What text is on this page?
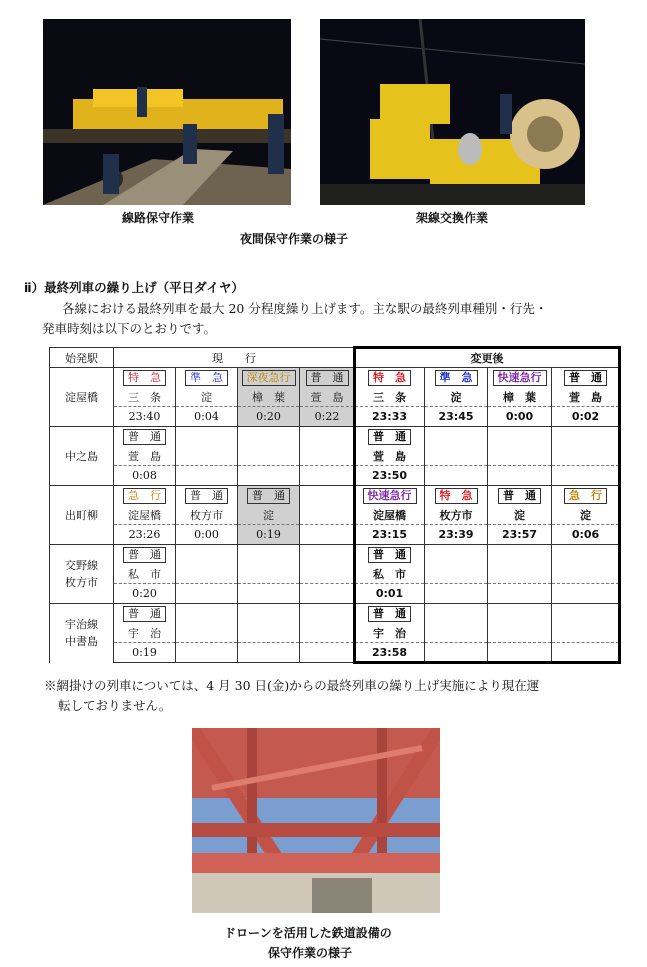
線路保守作業	架線交換作業
夜間保守作業の様子
ⅱ）最終列車の繰り上げ（平日ダイヤ）
各線における最終列車を最大 20 分程度繰り上げます。主な駅の最終列車種別・行先・
発車時刻は以下のとおりです。
始発駅	現　　行				変更後			
淀屋橋	特　急	準　急	深夜急行	普　通	特　急	準　急	快速急行	普　通
	三　条	淀	樟　葉	萱　島	三　条	淀	樟　葉	萱　島
	23:40	0:04	0:20	0:22	23:33	23:45	0:00	0:02
中之島	普　通				普　通			
	萱　島				萱　島			
	0:08				23:50			
出町柳	急　行	普　通	普　通		快速急行	特　急	普　通	急　行
	淀屋橋	枚方市	淀		淀屋橋	枚方市	淀	淀
	23:26	0:00	0:19		23:15	23:39	23:57	0:06

交野線
枚方市	普　通				普　通			
	私　市				私　市			
	0:20				0:01			

宇治線
中書島	普　通				普　通			
	宇　治				宇　治			
	0:19				23:58			
※網掛けの列車については、4 月 30 日(金)からの最終列車の繰り上げ実施により現在運
転しておりません。
ドローンを活用した鉄道設備の
保守作業の様子
